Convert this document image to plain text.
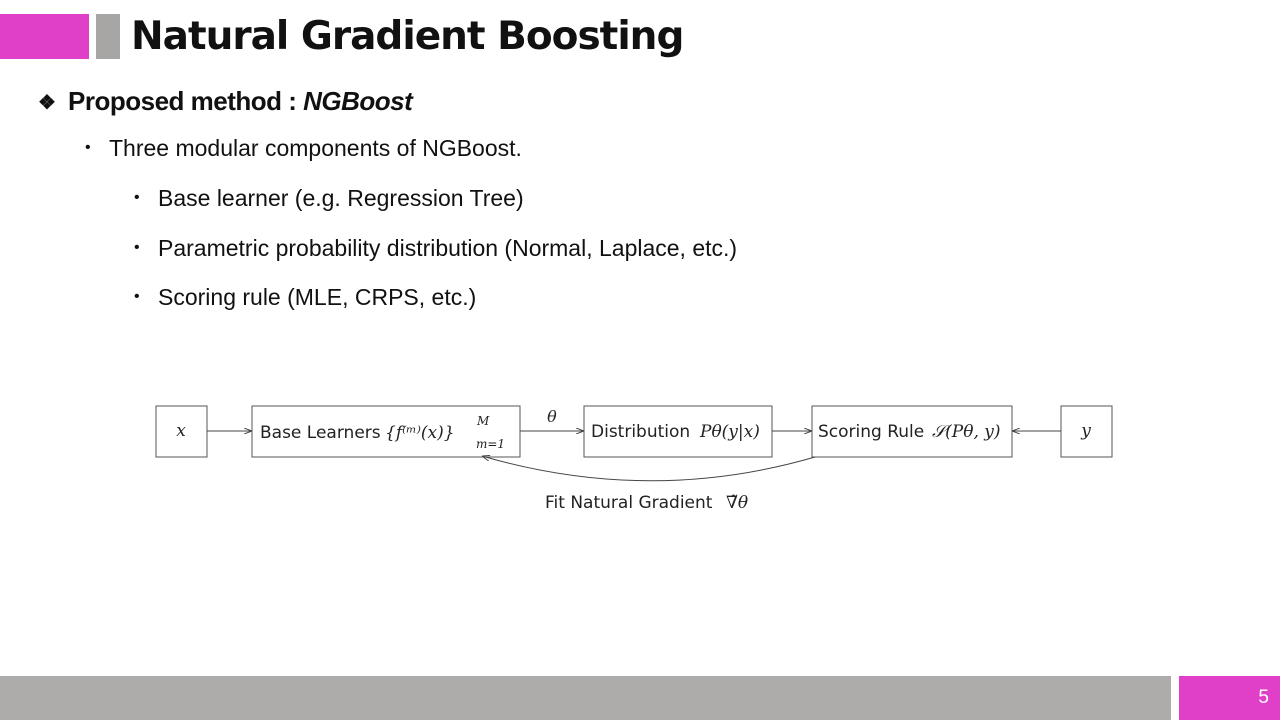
Natural Gradient Boosting
❖ Proposed method : NGBoost
• Three modular components of NGBoost.
• Base learner (e.g. Regression Tree)
• Parametric probability distribution (Normal, Laplace, etc.)
• Scoring rule (MLE, CRPS, etc.)
x	Base Learners {f⁽ᵐ⁾(x)}
M
m=1
θ
Distribution Pθ(y|x)	Scoring Rule 𝒮(Pθ, y)	y
Fit Natural Gradient ∇̃θ
5
